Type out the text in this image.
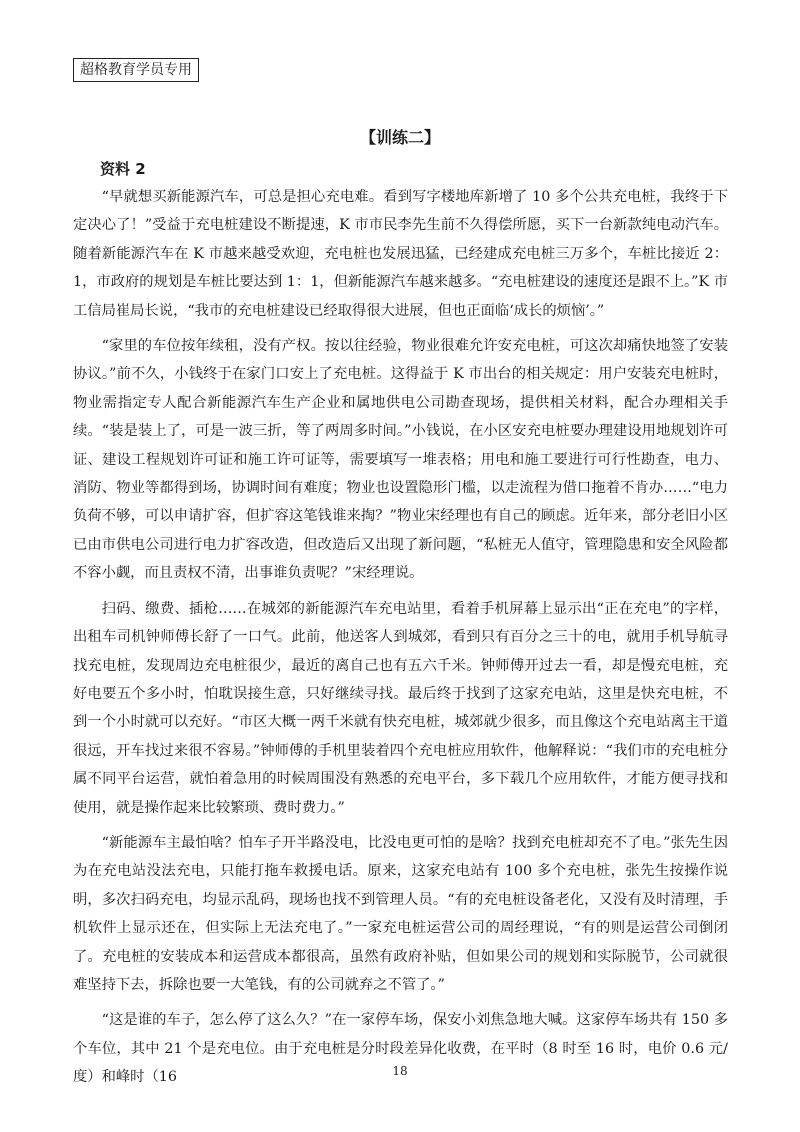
超格教育学员专用
【训练二】
资料 2

“早就想买新能源汽车，可总是担心充电难。看到写字楼地库新增了 10 多个公共充电桩，我终于下定决心了！”受益于充电桩建设不断提速，K 市市民李先生前不久得偿所愿，买下一台新款纯电动汽车。随着新能源汽车在 K 市越来越受欢迎，充电桩也发展迅猛，已经建成充电桩三万多个，车桩比接近 2：1，市政府的规划是车桩比要达到 1：1，但新能源汽车越来越多。“充电桩建设的速度还是跟不上。”K 市工信局崔局长说，“我市的充电桩建设已经取得很大进展，但也正面临‘成长的烦恼’。”

“家里的车位按年续租，没有产权。按以往经验，物业很难允许安充电桩，可这次却痛快地签了安装协议。”前不久，小钱终于在家门口安上了充电桩。这得益于 K 市出台的相关规定：用户安装充电桩时，物业需指定专人配合新能源汽车生产企业和属地供电公司勘查现场，提供相关材料，配合办理相关手续。“装是装上了，可是一波三折，等了两周多时间。”小钱说，在小区安充电桩要办理建设用地规划许可证、建设工程规划许可证和施工许可证等，需要填写一堆表格；用电和施工要进行可行性勘查，电力、消防、物业等都得到场，协调时间有难度；物业也设置隐形门槛，以走流程为借口拖着不肯办……“电力负荷不够，可以申请扩容，但扩容这笔钱谁来掏？”物业宋经理也有自己的顾虑。近年来，部分老旧小区已由市供电公司进行电力扩容改造，但改造后又出现了新问题，“私桩无人值守，管理隐患和安全风险都不容小觑，而且责权不清，出事谁负责呢？”宋经理说。

扫码、缴费、插枪……在城郊的新能源汽车充电站里，看着手机屏幕上显示出“正在充电”的字样，出租车司机钟师傅长舒了一口气。此前，他送客人到城郊，看到只有百分之三十的电，就用手机导航寻找充电桩，发现周边充电桩很少，最近的离自己也有五六千米。钟师傅开过去一看，却是慢充电桩，充好电要五个多小时，怕耽误接生意，只好继续寻找。最后终于找到了这家充电站，这里是快充电桩，不到一个小时就可以充好。“市区大概一两千米就有快充电桩，城郊就少很多，而且像这个充电站离主干道很远，开车找过来很不容易。”钟师傅的手机里装着四个充电桩应用软件，他解释说：“我们市的充电桩分属不同平台运营，就怕着急用的时候周围没有熟悉的充电平台，多下载几个应用软件，才能方便寻找和使用，就是操作起来比较繁琐、费时费力。”

“新能源车主最怕啥？怕车子开半路没电，比没电更可怕的是啥？找到充电桩却充不了电。”张先生因为在充电站没法充电，只能打拖车救援电话。原来，这家充电站有 100 多个充电桩，张先生按操作说明，多次扫码充电，均显示乱码，现场也找不到管理人员。“有的充电桩设备老化，又没有及时清理，手机软件上显示还在，但实际上无法充电了。”一家充电桩运营公司的周经理说，“有的则是运营公司倒闭了。充电桩的安装成本和运营成本都很高，虽然有政府补贴，但如果公司的规划和实际脱节，公司就很难坚持下去，拆除也要一大笔钱，有的公司就弃之不管了。”

“这是谁的车子，怎么停了这么久？”在一家停车场，保安小刘焦急地大喊。这家停车场共有 150 多个车位，其中 21 个是充电位。由于充电桩是分时段差异化收费，在平时（8 时至 16 时，电价 0.6 元/度）和峰时（16	18
